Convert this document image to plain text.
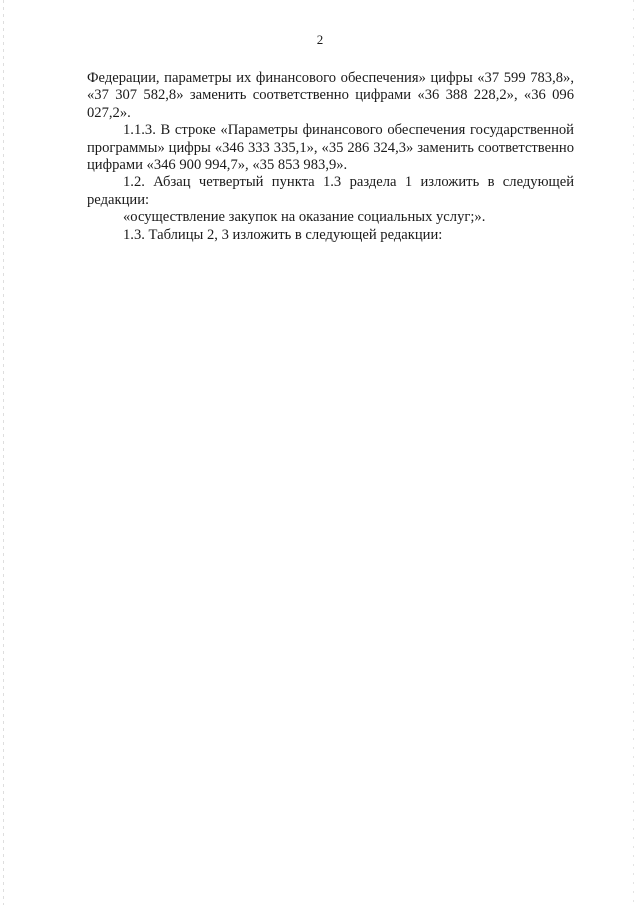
2

Федерации, параметры их финансового обеспечения» цифры «37 599 783,8», «37 307 582,8» заменить соответственно цифрами «36 388 228,2», «36 096 027,2».

1.1.3. В строке «Параметры финансового обеспечения государственной программы» цифры «346 333 335,1», «35 286 324,3» заменить соответственно цифрами «346 900 994,7», «35 853 983,9».

1.2. Абзац четвертый пункта 1.3 раздела 1 изложить в следующей редакции:

«осуществление закупок на оказание социальных услуг;».

1.3. Таблицы 2, 3 изложить в следующей редакции:
